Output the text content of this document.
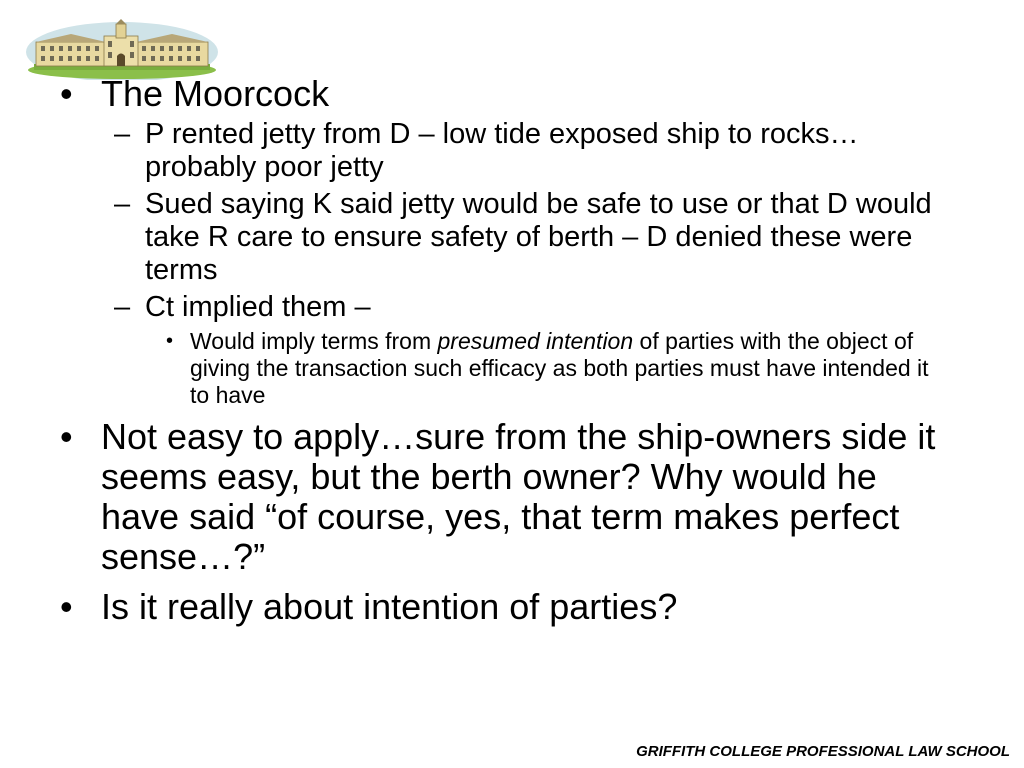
• The Moorcock
– P rented jetty from D – low tide exposed ship to rocks…probably poor jetty
– Sued saying K said jetty would be safe to use or that D would take R care to ensure safety of berth – D denied these were terms
– Ct implied them –
• Would imply terms from presumed intention of parties with the object of giving the transaction such efficacy as both parties must have intended it to have
• Not easy to apply…sure from the ship-owners side it seems easy, but the berth owner? Why would he have said “of course, yes, that term makes perfect sense…?”
• Is it really about intention of parties?
GRIFFITH COLLEGE PROFESSIONAL LAW SCHOOL
